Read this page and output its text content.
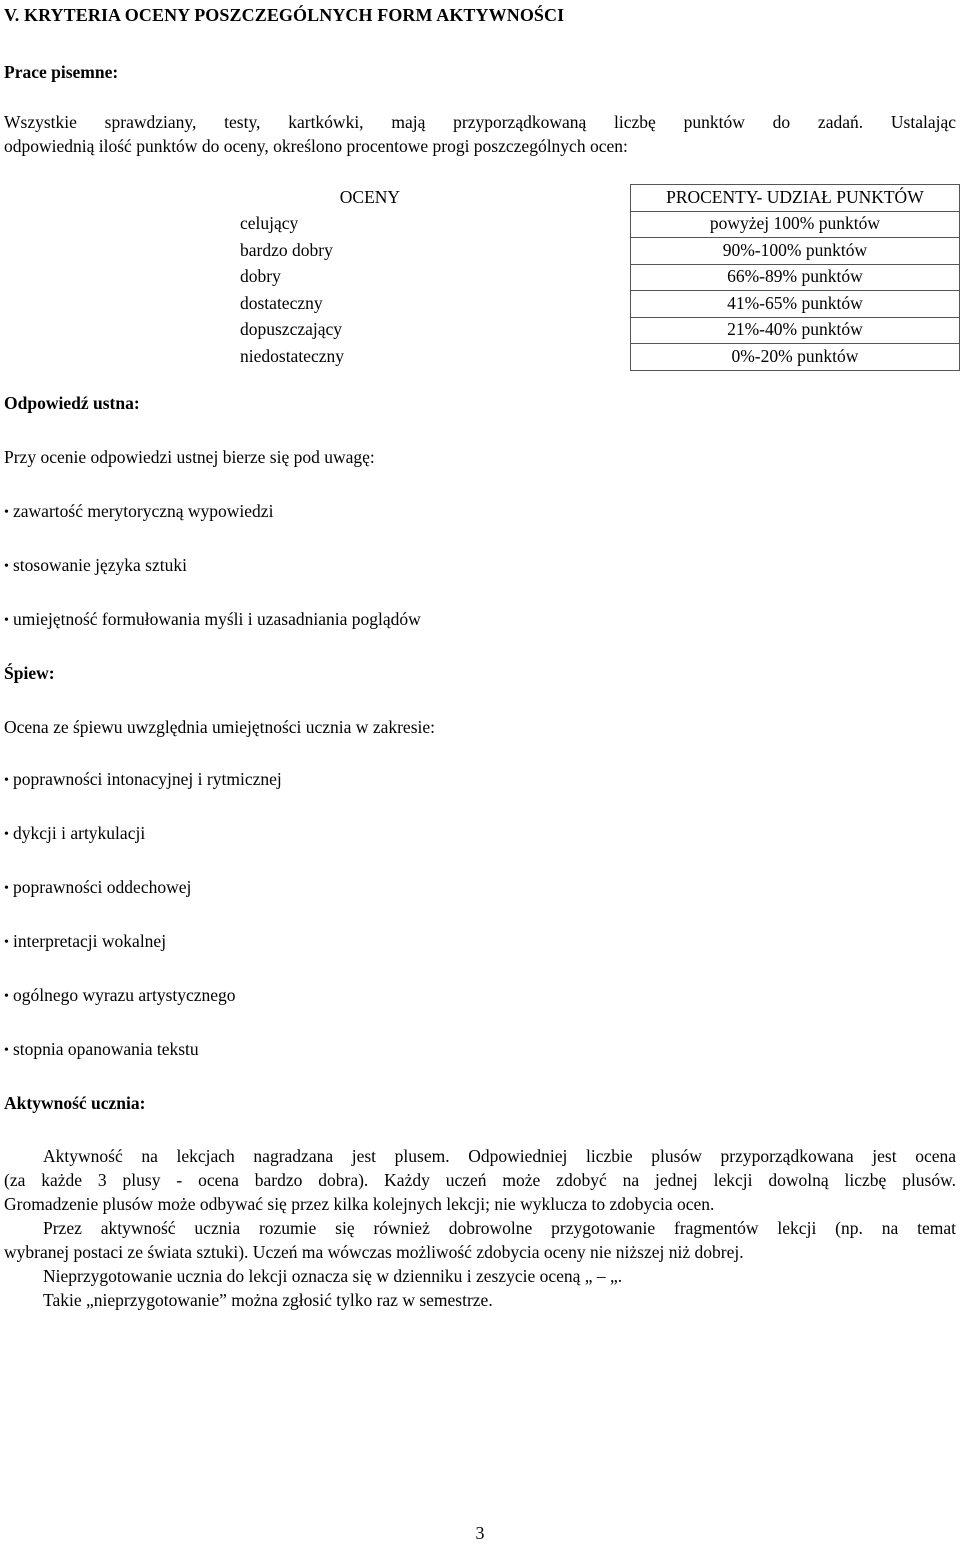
V. KRYTERIA OCENY POSZCZEGÓLNYCH FORM AKTYWNOŚCI
Prace pisemne:

Wszystkie sprawdziany, testy, kartkówki, mają przyporządkowaną liczbę punktów do zadań. Ustalając

odpowiednią ilość punktów do oceny, określono procentowe progi poszczególnych ocen:

OCENY	PROCENTY- UDZIAŁ PUNKTÓW
celujący	powyżej 100% punktów
bardzo dobry	90%-100% punktów
dobry	66%-89% punktów
dostateczny	41%-65% punktów
dopuszczający	21%-40% punktów
niedostateczny	0%-20% punktów
Odpowiedź ustna:

Przy ocenie odpowiedzi ustnej bierze się pod uwagę:

• zawartość merytoryczną wypowiedzi

• stosowanie języka sztuki

• umiejętność formułowania myśli i uzasadniania poglądów

Śpiew:

Ocena ze śpiewu uwzględnia umiejętności ucznia w zakresie:

• poprawności intonacyjnej i rytmicznej

• dykcji i artykulacji

• poprawności oddechowej

• interpretacji wokalnej

• ogólnego wyrazu artystycznego

• stopnia opanowania tekstu

Aktywność ucznia:

Aktywność na lekcjach nagradzana jest plusem. Odpowiedniej liczbie plusów przyporządkowana jest ocena

(za każde 3 plusy - ocena bardzo dobra). Każdy uczeń może zdobyć na jednej lekcji dowolną liczbę plusów.

Gromadzenie plusów może odbywać się przez kilka kolejnych lekcji; nie wyklucza to zdobycia ocen.

Przez aktywność ucznia rozumie się również dobrowolne przygotowanie fragmentów lekcji (np. na temat

wybranej postaci ze świata sztuki). Uczeń ma wówczas możliwość zdobycia oceny nie niższej niż dobrej.

Nieprzygotowanie ucznia do lekcji oznacza się w dzienniku i zeszycie oceną „ – „.

Takie „nieprzygotowanie” można zgłosić tylko raz w semestrze.

3
